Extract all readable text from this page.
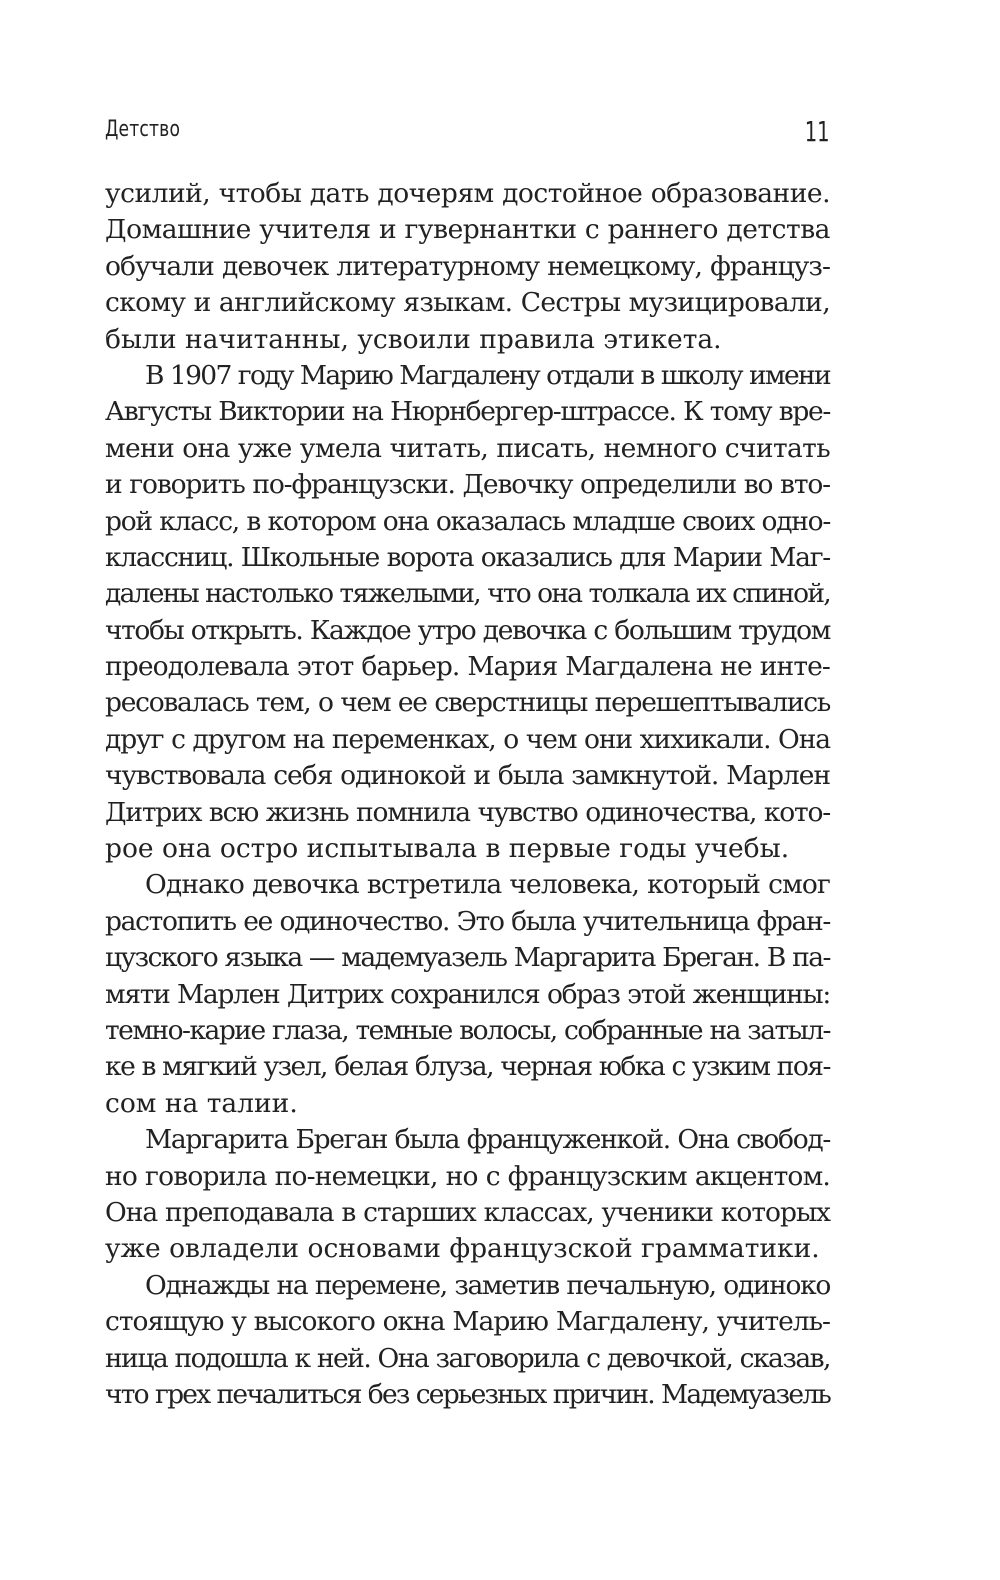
Детство	11
усилий, чтобы дать дочерям достойное образование.
Домашние учителя и гувернантки с раннего детства
обучали девочек литературному немецкому, француз-
скому и английскому языкам. Сестры музицировали,
были начитанны, усвоили правила этикета.
В 1907 году Марию Магдалену отдали в школу имени
Августы Виктории на Нюрнбергер-штрассе. К тому вре-
мени она уже умела читать, писать, немного считать
и говорить по-французски. Девочку определили во вто-
рой класс, в котором она оказалась младше своих одно-
классниц. Школьные ворота оказались для Марии Маг-
далены настолько тяжелыми, что она толкала их спиной,
чтобы открыть. Каждое утро девочка с большим трудом
преодолевала этот барьер. Мария Магдалена не инте-
ресовалась тем, о чем ее сверстницы перешептывались
друг с другом на переменках, о чем они хихикали. Она
чувствовала себя одинокой и была замкнутой. Марлен
Дитрих всю жизнь помнила чувство одиночества, кото-
рое она остро испытывала в первые годы учебы.
Однако девочка встретила человека, который смог
растопить ее одиночество. Это была учительница фран-
цузского языка — мадемуазель Маргарита Бреган. В па-
мяти Марлен Дитрих сохранился образ этой женщины:
темно-карие глаза, темные волосы, собранные на затыл-
ке в мягкий узел, белая блуза, черная юбка с узким поя-
сом на талии.
Маргарита Бреган была француженкой. Она свобод-
но говорила по-немецки, но с французским акцентом.
Она преподавала в старших классах, ученики которых
уже овладели основами французской грамматики.
Однажды на перемене, заметив печальную, одиноко
стоящую у высокого окна Марию Магдалену, учитель-
ница подошла к ней. Она заговорила с девочкой, сказав,
что грех печалиться без серьезных причин. Мадемуазель
